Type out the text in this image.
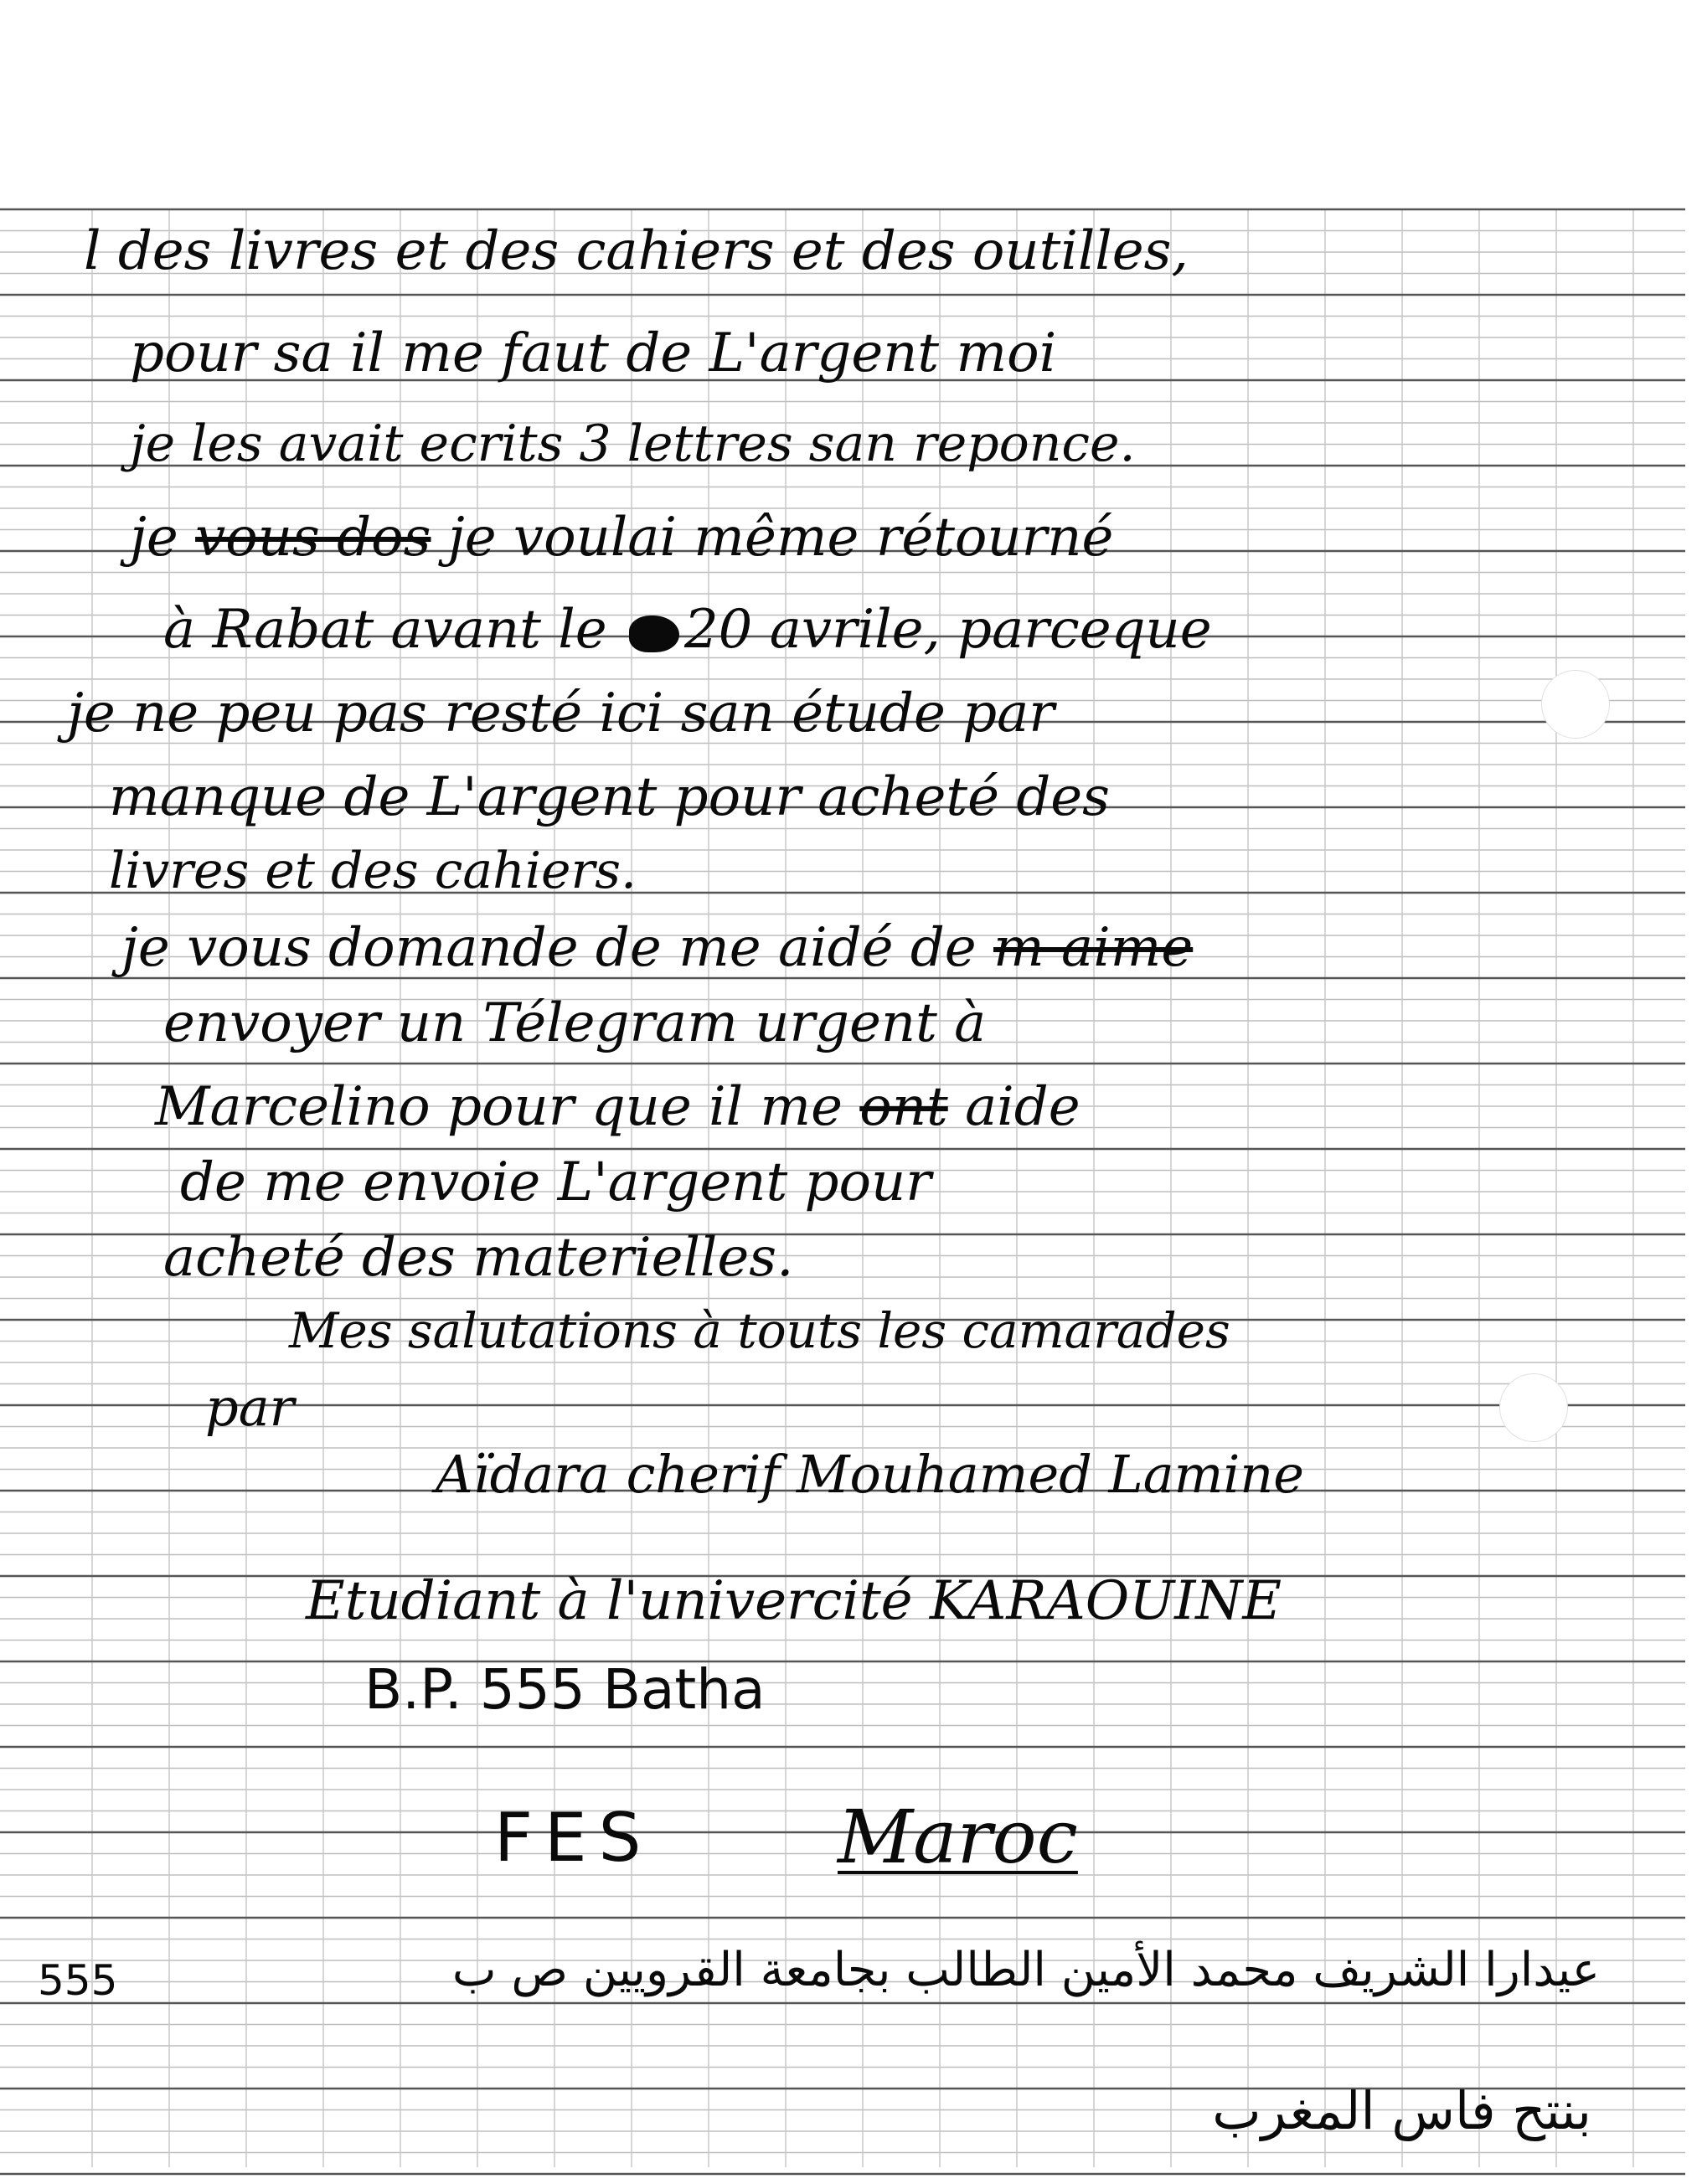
l des livres et des cahiers et des outilles,
pour sa il me faut de L'argent moi
je les avait ecrits 3 lettres san reponce.
je vous dos je voulai même rétourné
à Rabat avant le 20 avrile, parceque
je ne peu pas resté ici san étude par
manque de L'argent pour acheté des
livres et des cahiers.
je vous domande de me aidé de m aime
envoyer un Télegram urgent à
Marcelino pour que il me ont aide
de me envoie L'argent pour
acheté des materielles.
Mes salutations à touts les camarades
par
Aïdara cherif Mouhamed Lamine
Etudiant à l'univercité KARAOUINE
B.P. 555 Batha
FES	Maroc
555	عيدارا الشريف محمد الأمين الطالب بجامعة القرويين ص ب
بنتح فاس المغرب
